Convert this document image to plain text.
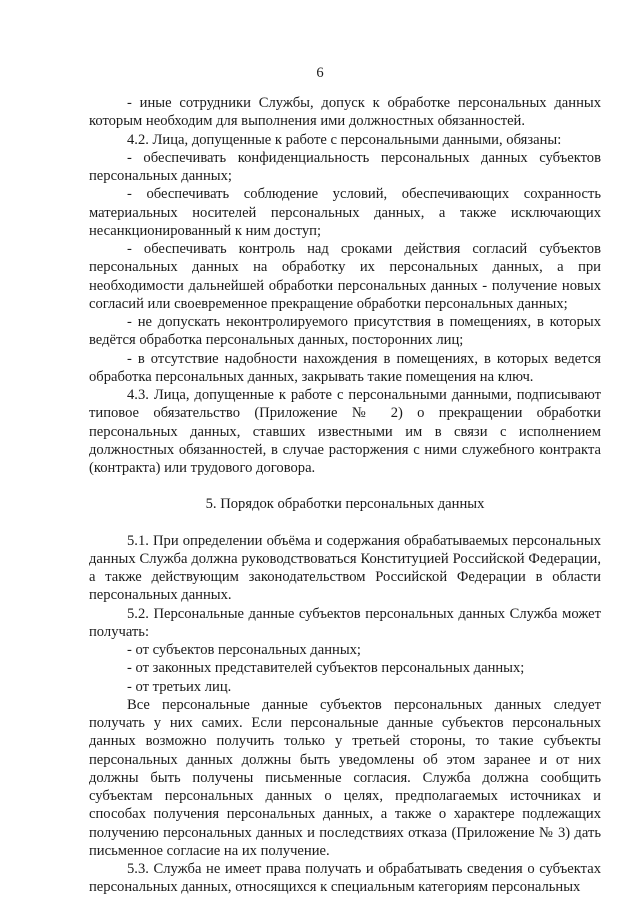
6

- иные сотрудники Службы, допуск к обработке персональных данных которым необходим для выполнения ими должностных обязанностей.

4.2. Лица, допущенные к работе с персональными данными, обязаны:

- обеспечивать конфиденциальность персональных данных субъектов персональных данных;

- обеспечивать соблюдение условий, обеспечивающих сохранность материальных носителей персональных данных, а также исключающих несанкционированный к ним доступ;

- обеспечивать контроль над сроками действия согласий субъектов персональных данных на обработку их персональных данных, а при необходимости дальнейшей обработки персональных данных - получение новых согласий или своевременное прекращение обработки персональных данных;

- не допускать неконтролируемого присутствия в помещениях, в которых ведётся обработка персональных данных, посторонних лиц;

- в отсутствие надобности нахождения в помещениях, в которых ведется обработка персональных данных, закрывать такие помещения на ключ.

4.3. Лица, допущенные к работе с персональными данными, подписывают типовое обязательство (Приложение № 2) о прекращении обработки персональных данных, ставших известными им в связи с исполнением должностных обязанностей, в случае расторжения с ними служебного контракта (контракта) или трудового договора.

5. Порядок обработки персональных данных

5.1. При определении объёма и содержания обрабатываемых персональных данных Служба должна руководствоваться Конституцией Российской Федерации, а также действующим законодательством Российской Федерации в области персональных данных.

5.2. Персональные данные субъектов персональных данных Служба может получать:

- от субъектов персональных данных;

- от законных представителей субъектов персональных данных;

- от третьих лиц.

Все персональные данные субъектов персональных данных следует получать у них самих. Если персональные данные субъектов персональных данных возможно получить только у третьей стороны, то такие субъекты персональных данных должны быть уведомлены об этом заранее и от них должны быть получены письменные согласия. Служба должна сообщить субъектам персональных данных о целях, предполагаемых источниках и способах получения персональных данных, а также о характере подлежащих получению персональных данных и последствиях отказа (Приложение № 3) дать письменное согласие на их получение.

5.3. Служба не имеет права получать и обрабатывать сведения о субъектах персональных данных, относящихся к специальным категориям персональных
